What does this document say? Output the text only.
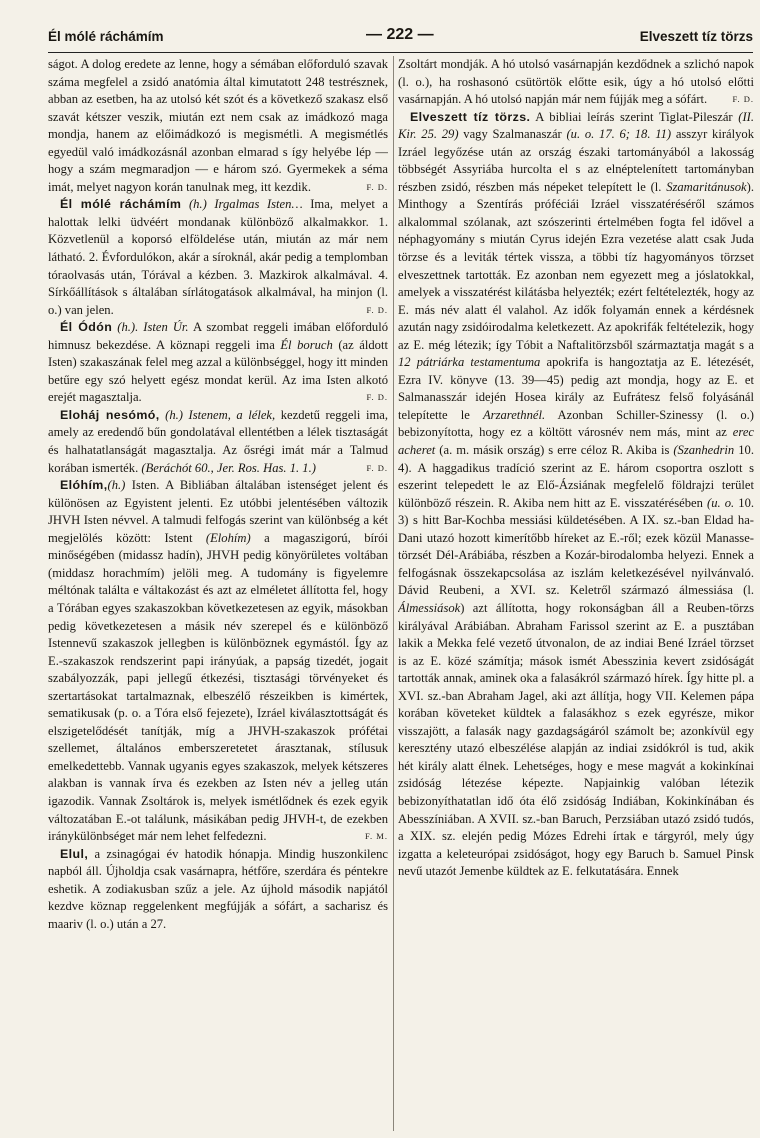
Él mólé ráchámím	— 222 —	Elveszett tíz törzs

ságot. A dolog eredete az lenne, hogy a sémában előforduló szavak száma megfelel a zsidó anatómia által kimutatott 248 testrésznek, abban az esetben, ha az utolsó két szót és a következő szakasz első szavát kétszer veszik, miután ezt nem csak az imádkozó maga mondja, hanem az előimádkozó is megismétli. A megismétlés egyedül való imádkozásnál azonban elmarad s így helyébe lép — hogy a szám megmaradjon — e három szó. Gyermekek a séma imát, melyet nagyon korán tanulnak meg, itt kezdik.	F. D.

Él mólé ráchámím (h.) Irgalmas Isten… Ima, melyet a halottak lelki üdvéért mondanak különböző alkalmakkor. 1. Közvetlenül a koporsó elföldelése után, miután az már nem látható. 2. Évfordulókon, akár a síroknál, akár pedig a templomban tóraolvasás után, Tórával a kézben. 3. Mazkirok alkalmával. 4. Sírkőállítások s általában sírlátogatások alkalmával, ha minjon (l. o.) van jelen.	F. D.

Él Ódón (h.). Isten Úr. A szombat reggeli imában előforduló himnusz bekezdése. A köznapi reggeli ima Él boruch (az áldott Isten) szakaszának felel meg azzal a különbséggel, hogy itt minden betűre egy szó helyett egész mondat kerül. Az ima Isten alkotó erejét magasztalja.	F. D.

Eloháj nesómó, (h.) Istenem, a lélek, kezdetű reggeli ima, amely az eredendő bűn gondolatával ellentétben a lélek tisztaságát és halhatatlanságát magasztalja. Az ősrégi imát már a Talmud korában ismerték. (Beráchót 60., Jer. Ros. Has. 1. 1.)	F. D.

Elóhím,(h.) Isten. A Bibliában általában istenséget jelent és különösen az Egyistent jelenti. Ez utóbbi jelentésében változik JHVH Isten névvel. A talmudi felfogás szerint van különbség a két megjelölés között: Istent (Elohím) a magaszigorú, bírói minőségében (midassz hadín), JHVH pedig könyörületes voltában (middasz horachmím) jelöli meg. A tudomány is figyelemre méltónak találta e váltakozást és azt az elméletet állította fel, hogy a Tórában egyes szakaszokban következetesen az egyik, másokban pedig következetesen a másik név szerepel és e különböző Istennevű szakaszok jellegben is különböznek egymástól. Így az E.-szakaszok rendszerint papi irányúak, a papság tizedét, jogait szabályozzák, papi jellegű étkezési, tisztasági törvényeket és szertartásokat tartalmaznak, elbeszélő részeikben is kimértek, sematikusak (p. o. a Tóra első fejezete), Izráel kiválasztottságát és elszigetelődését tanítják, míg a JHVH-szakaszok prófétai szellemet, általános emberszeretetet árasztanak, stílusuk emelkedettebb. Vannak ugyanis egyes szakaszok, melyek kétszeres alakban is vannak írva és ezekben az Isten név a jelleg után igazodik. Vannak Zsoltárok is, melyek ismétlődnek és ezek egyik változatában E.-ot találunk, másikában pedig JHVH-t, de ezekben iránykülönbséget már nem lehet felfedezni.	F. M.

Elul, a zsinagógai év hatodik hónapja. Mindig huszonkilenc napból áll. Újholdja csak vasárnapra, hétfőre, szerdára és péntekre eshetik. A zodiakusban szűz a jele. Az újhold második napjától kezdve köznap reggelenkent megfújják a sófárt, a sacharisz és maariv (l. o.) után a 27.

Zsoltárt mondják. A hó utolsó vasárnapján kezdődnek a szlichó napok (l. o.), ha roshasonó csütörtök előtte esik, úgy a hó utolsó előtti vasárnapján. A hó utolsó napján már nem fújják meg a sófárt.	F. D.

Elveszett tíz törzs. A bibliai leírás szerint Tiglat-Pileszár (II. Kir. 25. 29) vagy Szalmanaszár (u. o. 17. 6; 18. 11) asszyr királyok Izráel legyőzése után az ország északi tartományából a lakosság többségét Assyriába hurcolta el s az elnéptelenített tartományban részben zsidó, részben más népeket telepített le (l. Szamaritánusok). Minthogy a Szentírás próféciái Izráel visszatéréséről számos alkalommal szólanak, azt szószerinti értelmében fogta fel idővel a néphagyomány s miután Cyrus idején Ezra vezetése alatt csak Juda törzse és a leviták tértek vissza, a többi tíz hagyományos törzset elveszettnek tartották. Ez azonban nem egyezett meg a jóslatokkal, amelyek a visszatérést kilátásba helyezték; ezért feltételezték, hogy az E. más név alatt él valahol. Az idők folyamán ennek a kérdésnek azután nagy zsidóirodalma keletkezett. Az apokrifák feltételezik, hogy az E. még létezik; így Tóbit a Naftalitörzsből származtatja magát s a 12 pátriárka testamentuma apokrifa is hangoztatja az E. létezését, Ezra IV. könyve (13. 39—45) pedig azt mondja, hogy az E. et Salmanasszár idején Hosea király az Eufrátesz felső folyásánál telepítette le Arzarethnél. Azonban Schiller-Szinessy (l. o.) bebizonyította, hogy ez a költött városnév nem más, mint az erec acheret (a. m. másik ország) s erre céloz R. Akiba is (Szanhedrin 10. 4). A haggadikus tradíció szerint az E. három csoportra oszlott s eszerint telepedett le az Elő-Ázsiának megfelelő földrajzi terület különböző részein. R. Akiba nem hitt az E. visszatérésében (u. o. 10. 3) s hitt Bar-Kochba messiási küldetésében. A IX. sz.-ban Eldad ha-Dani utazó hozott kimerítőbb híreket az E.-ről; ezek közül Manasse-törzsét Dél-Arábiába, részben a Kozár-birodalomba helyezi. Ennek a felfogásnak összekapcsolása az iszlám keletkezésével nyilvánvaló. Dávid Reubeni, a XVI. sz. Keletről származó álmessiása (l. Álmessiások) azt állította, hogy rokonságban áll a Reuben-törzs királyával Arábiában. Abraham Farissol szerint az E. a pusztában lakik a Mekka felé vezető útvonalon, de az indiai Bené Izráel törzset is az E. közé számítja; mások ismét Abesszinia kevert zsidóságát tartották annak, aminek oka a falasákról származó hírek. Így hitte pl. a XVI. sz.-ban Abraham Jagel, aki azt állítja, hogy VII. Kelemen pápa korában követeket küldtek a falasákhoz s ezek egyrésze, mikor visszajött, a falasák nagy gazdagságáról számolt be; azonkívül egy keresztény utazó elbeszélése alapján az indiai zsidókról is tud, akik hét király alatt élnek. Lehetséges, hogy e mese magvát a kokinkínai zsidóság létezése képezte. Napjainkig valóban létezik bebizonyíthatatlan idő óta élő zsidóság Indiában, Kokinkínában és Abesszíniában. A XVII. sz.-ban Baruch, Perzsiában utazó zsidó tudós, a XIX. sz. elején pedig Mózes Edrehi írtak e tárgyról, mely úgy izgatta a keleteurópai zsidóságot, hogy egy Baruch b. Samuel Pinsk nevű utazót Jemenbe küldtek az E. felkutatására. Ennek
